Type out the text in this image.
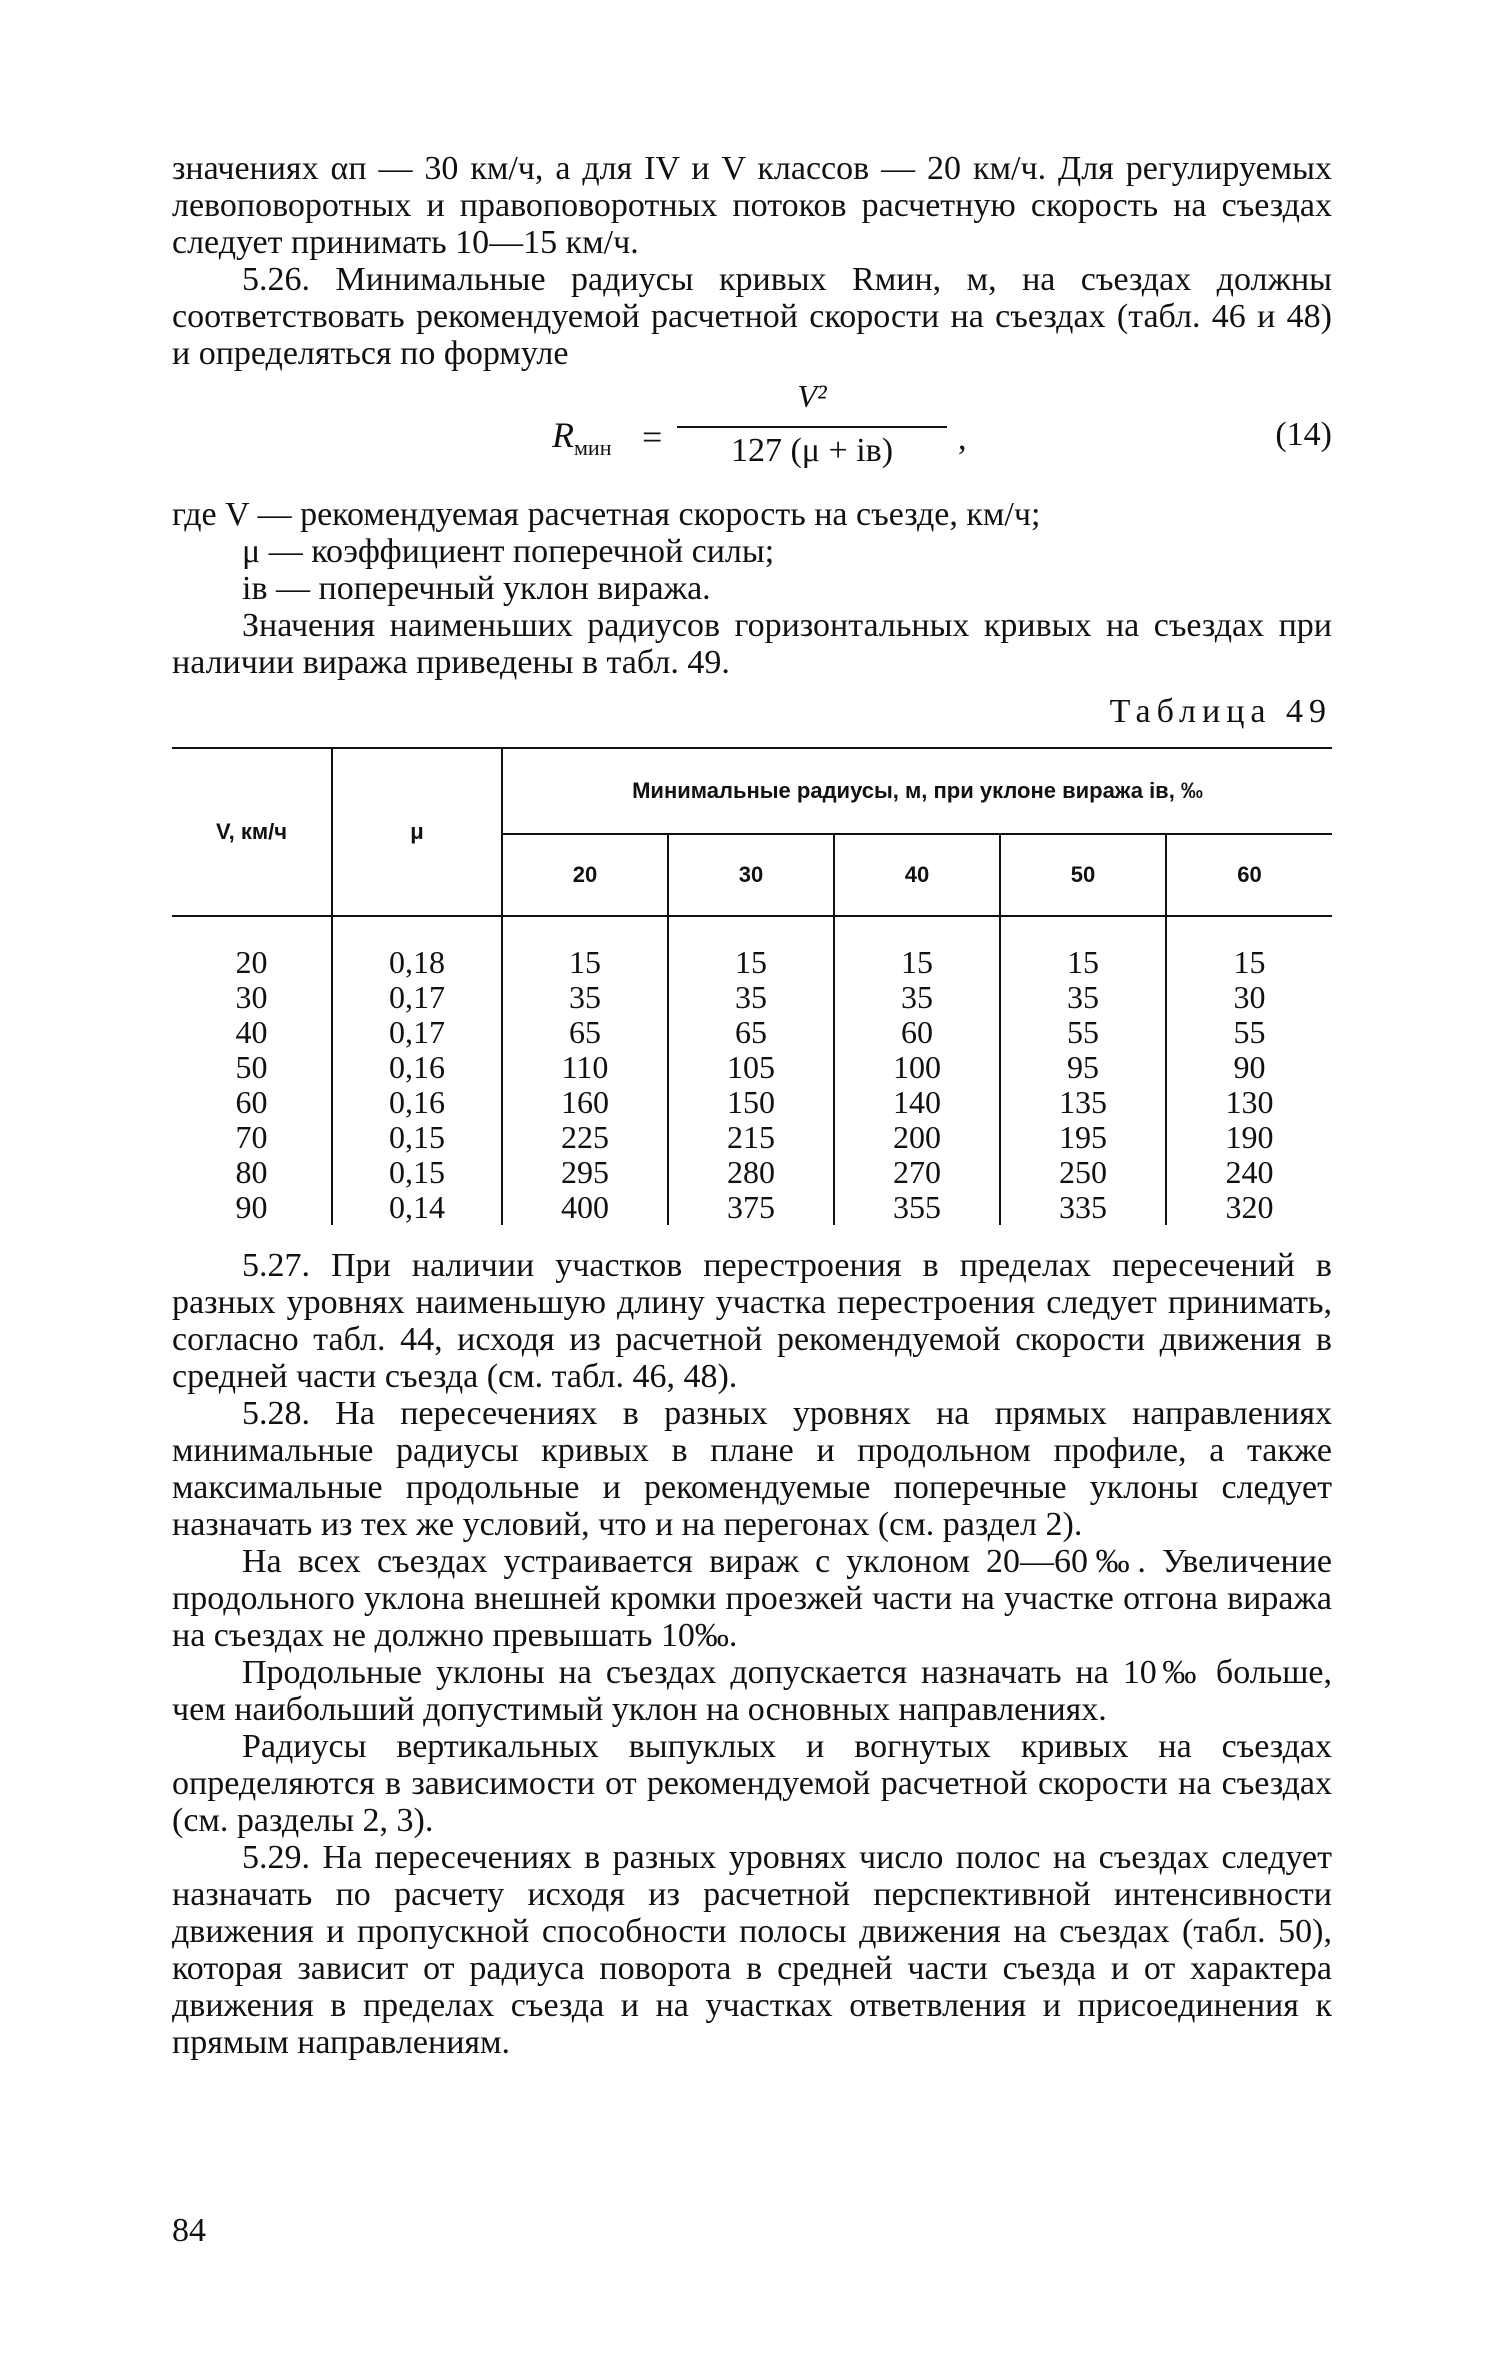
значениях αп — 30 км/ч, а для IV и V классов — 20 км/ч. Для регулируемых левоповоротных и правоповоротных потоков расчетную скорость на съездах следует принимать 10—15 км/ч.

5.26. Минимальные радиусы кривых Rмин, м, на съездах должны соответствовать рекомендуемой расчетной скорости на съездах (табл. 46 и 48) и определяться по формуле

$R_{мин}$ =
V²
127 (μ + iв)	,	(14)

где V — рекомендуемая расчетная скорость на съезде, км/ч;

μ — коэффициент поперечной силы;

iв — поперечный уклон виража.

Значения наименьших радиусов горизонтальных кривых на съездах при наличии виража приведены в табл. 49.

Таблица 49
V, км/ч	μ	Минимальные радиусы, м, при уклоне виража iв, ‰				
		20	30	40	50	60

20	0,18	15	15	15	15	15
30	0,17	35	35	35	35	30
40	0,17	65	65	60	55	55
50	0,16	110	105	100	95	90
60	0,16	160	150	140	135	130
70	0,15	225	215	200	195	190
80	0,15	295	280	270	250	240
90	0,14	400	375	355	335	320

5.27. При наличии участков перестроения в пределах пересечений в разных уровнях наименьшую длину участка перестроения следует принимать, согласно табл. 44, исходя из расчетной рекомендуемой скорости движения в средней части съезда (см. табл. 46, 48).

5.28. На пересечениях в разных уровнях на прямых направлениях минимальные радиусы кривых в плане и продольном профиле, а также максимальные продольные и рекомендуемые поперечные уклоны следует назначать из тех же условий, что и на перегонах (см. раздел 2).

На всех съездах устраивается вираж с уклоном 20—60‰. Увеличение продольного уклона внешней кромки проезжей части на участке отгона виража на съездах не должно превышать 10‰.

Продольные уклоны на съездах допускается назначать на 10‰ больше, чем наибольший допустимый уклон на основных направлениях.

Радиусы вертикальных выпуклых и вогнутых кривых на съездах определяются в зависимости от рекомендуемой расчетной скорости на съездах (см. разделы 2, 3).

5.29. На пересечениях в разных уровнях число полос на съездах следует назначать по расчету исходя из расчетной перспективной интенсивности движения и пропускной способности полосы движения на съездах (табл. 50), которая зависит от радиуса поворота в средней части съезда и от характера движения в пределах съезда и на участках ответвления и присоединения к прямым направлениям.

84
